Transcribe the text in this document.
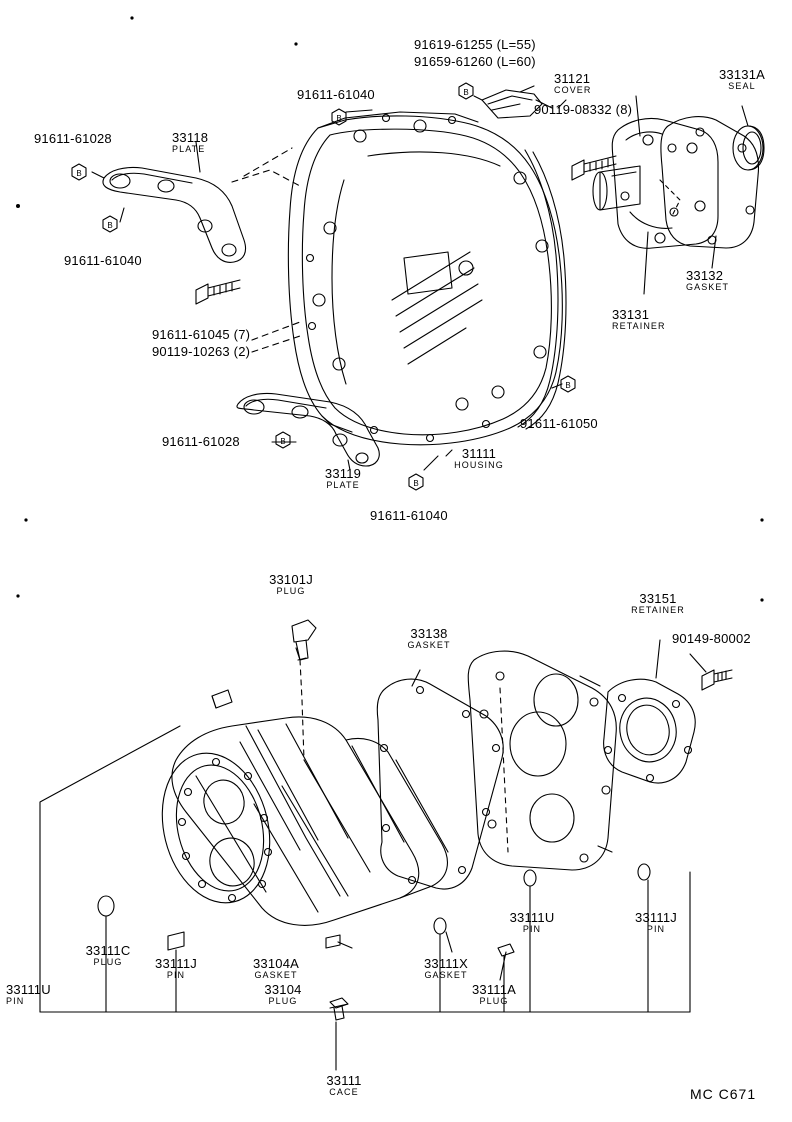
B
B
B
B
B
B
B
91619-61255 (L=55)
91659-61260 (L=60)
31121
COVER
90119-08332 (8)
33131A
SEAL
91611-61040
91611-61028	33118
PLATE
91611-61040
91611-61045 (7)
90119-10263 (2)
33132
GASKET
33131
RETAINER
91611-61050
91611-61028
33119
PLATE
31111
HOUSING
91611-61040
33101J
PLUG
33138
GASKET
33151
RETAINER
90149-80002
33111U
PIN
33111J
PIN
33111C
PLUG	33111J
PIN
33111U
PIN
33104A
GASKET
33104
PLUG
33111X
GASKET
33111A
PLUG
33111
CACE	MC C671
